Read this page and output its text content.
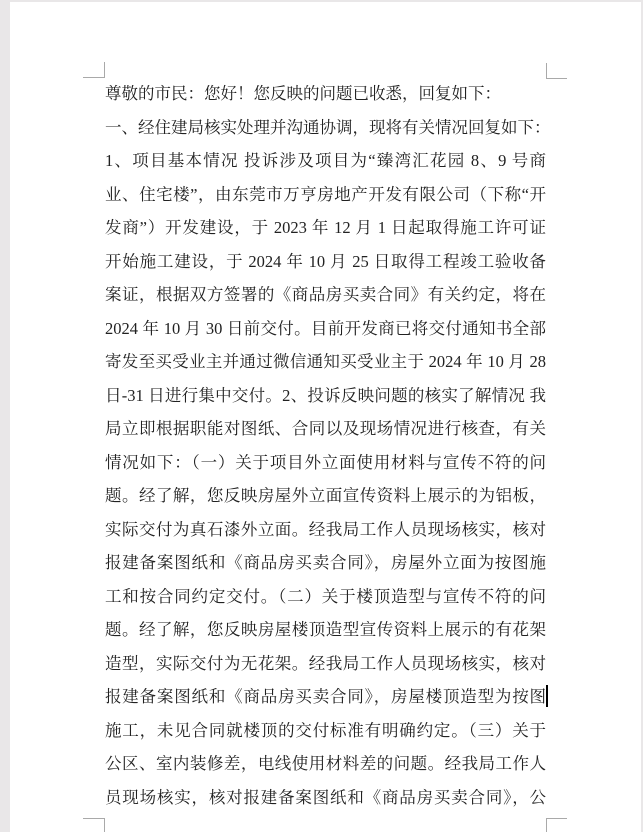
尊敬的市民：您好！您反映的问题已收悉，回复如下：
一、经住建局核实处理并沟通协调，现将有关情况回复如下：
1、项目基本情况 投诉涉及项目为“臻湾汇花园 8、9 号商
业、住宅楼”，由东莞市万亨房地产开发有限公司（下称“开
发商”）开发建设，于 2023 年 12 月 1 日起取得施工许可证
开始施工建设，于 2024 年 10 月 25 日取得工程竣工验收备
案证，根据双方签署的《商品房买卖合同》有关约定，将在
2024 年 10 月 30 日前交付。目前开发商已将交付通知书全部
寄发至买受业主并通过微信通知买受业主于 2024 年 10 月 28
日-31 日进行集中交付。2、投诉反映问题的核实了解情况 我
局立即根据职能对图纸、合同以及现场情况进行核查，有关
情况如下：（一）关于项目外立面使用材料与宣传不符的问
题。经了解，您反映房屋外立面宣传资料上展示的为铝板，
实际交付为真石漆外立面。经我局工作人员现场核实，核对
报建备案图纸和《商品房买卖合同》，房屋外立面为按图施
工和按合同约定交付。（二）关于楼顶造型与宣传不符的问
题。经了解，您反映房屋楼顶造型宣传资料上展示的有花架
造型，实际交付为无花架。经我局工作人员现场核实，核对
报建备案图纸和《商品房买卖合同》，房屋楼顶造型为按图
施工，未见合同就楼顶的交付标准有明确约定。（三）关于
公区、室内装修差，电线使用材料差的问题。经我局工作人
员现场核实，核对报建备案图纸和《商品房买卖合同》，公
